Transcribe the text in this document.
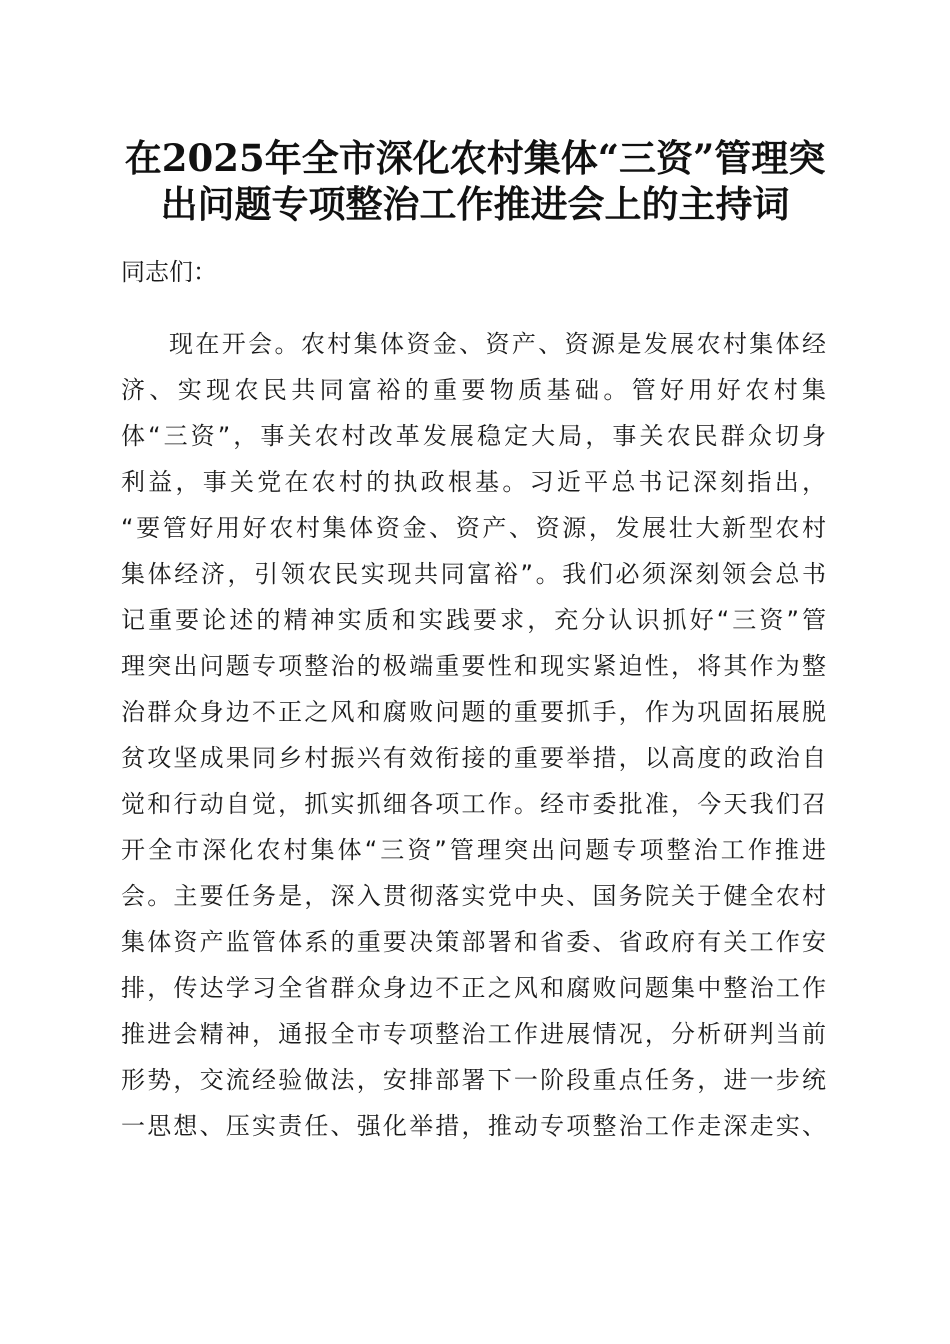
在2025年全市深化农村集体“三资”管理突
出问题专项整治工作推进会上的主持词
同志们：
现在开会。农村集体资金、资产、资源是发展农村集体经
济、实现农民共同富裕的重要物质基础。管好用好农村集
体“三资”，事关农村改革发展稳定大局，事关农民群众切身
利益，事关党在农村的执政根基。习近平总书记深刻指出，
“要管好用好农村集体资金、资产、资源，发展壮大新型农村
集体经济，引领农民实现共同富裕”。我们必须深刻领会总书
记重要论述的精神实质和实践要求，充分认识抓好“三资”管
理突出问题专项整治的极端重要性和现实紧迫性，将其作为整
治群众身边不正之风和腐败问题的重要抓手，作为巩固拓展脱
贫攻坚成果同乡村振兴有效衔接的重要举措，以高度的政治自
觉和行动自觉，抓实抓细各项工作。经市委批准，今天我们召
开全市深化农村集体“三资”管理突出问题专项整治工作推进
会。主要任务是，深入贯彻落实党中央、国务院关于健全农村
集体资产监管体系的重要决策部署和省委、省政府有关工作安
排，传达学习全省群众身边不正之风和腐败问题集中整治工作
推进会精神，通报全市专项整治工作进展情况，分析研判当前
形势，交流经验做法，安排部署下一阶段重点任务，进一步统
一思想、压实责任、强化举措，推动专项整治工作走深走实、
